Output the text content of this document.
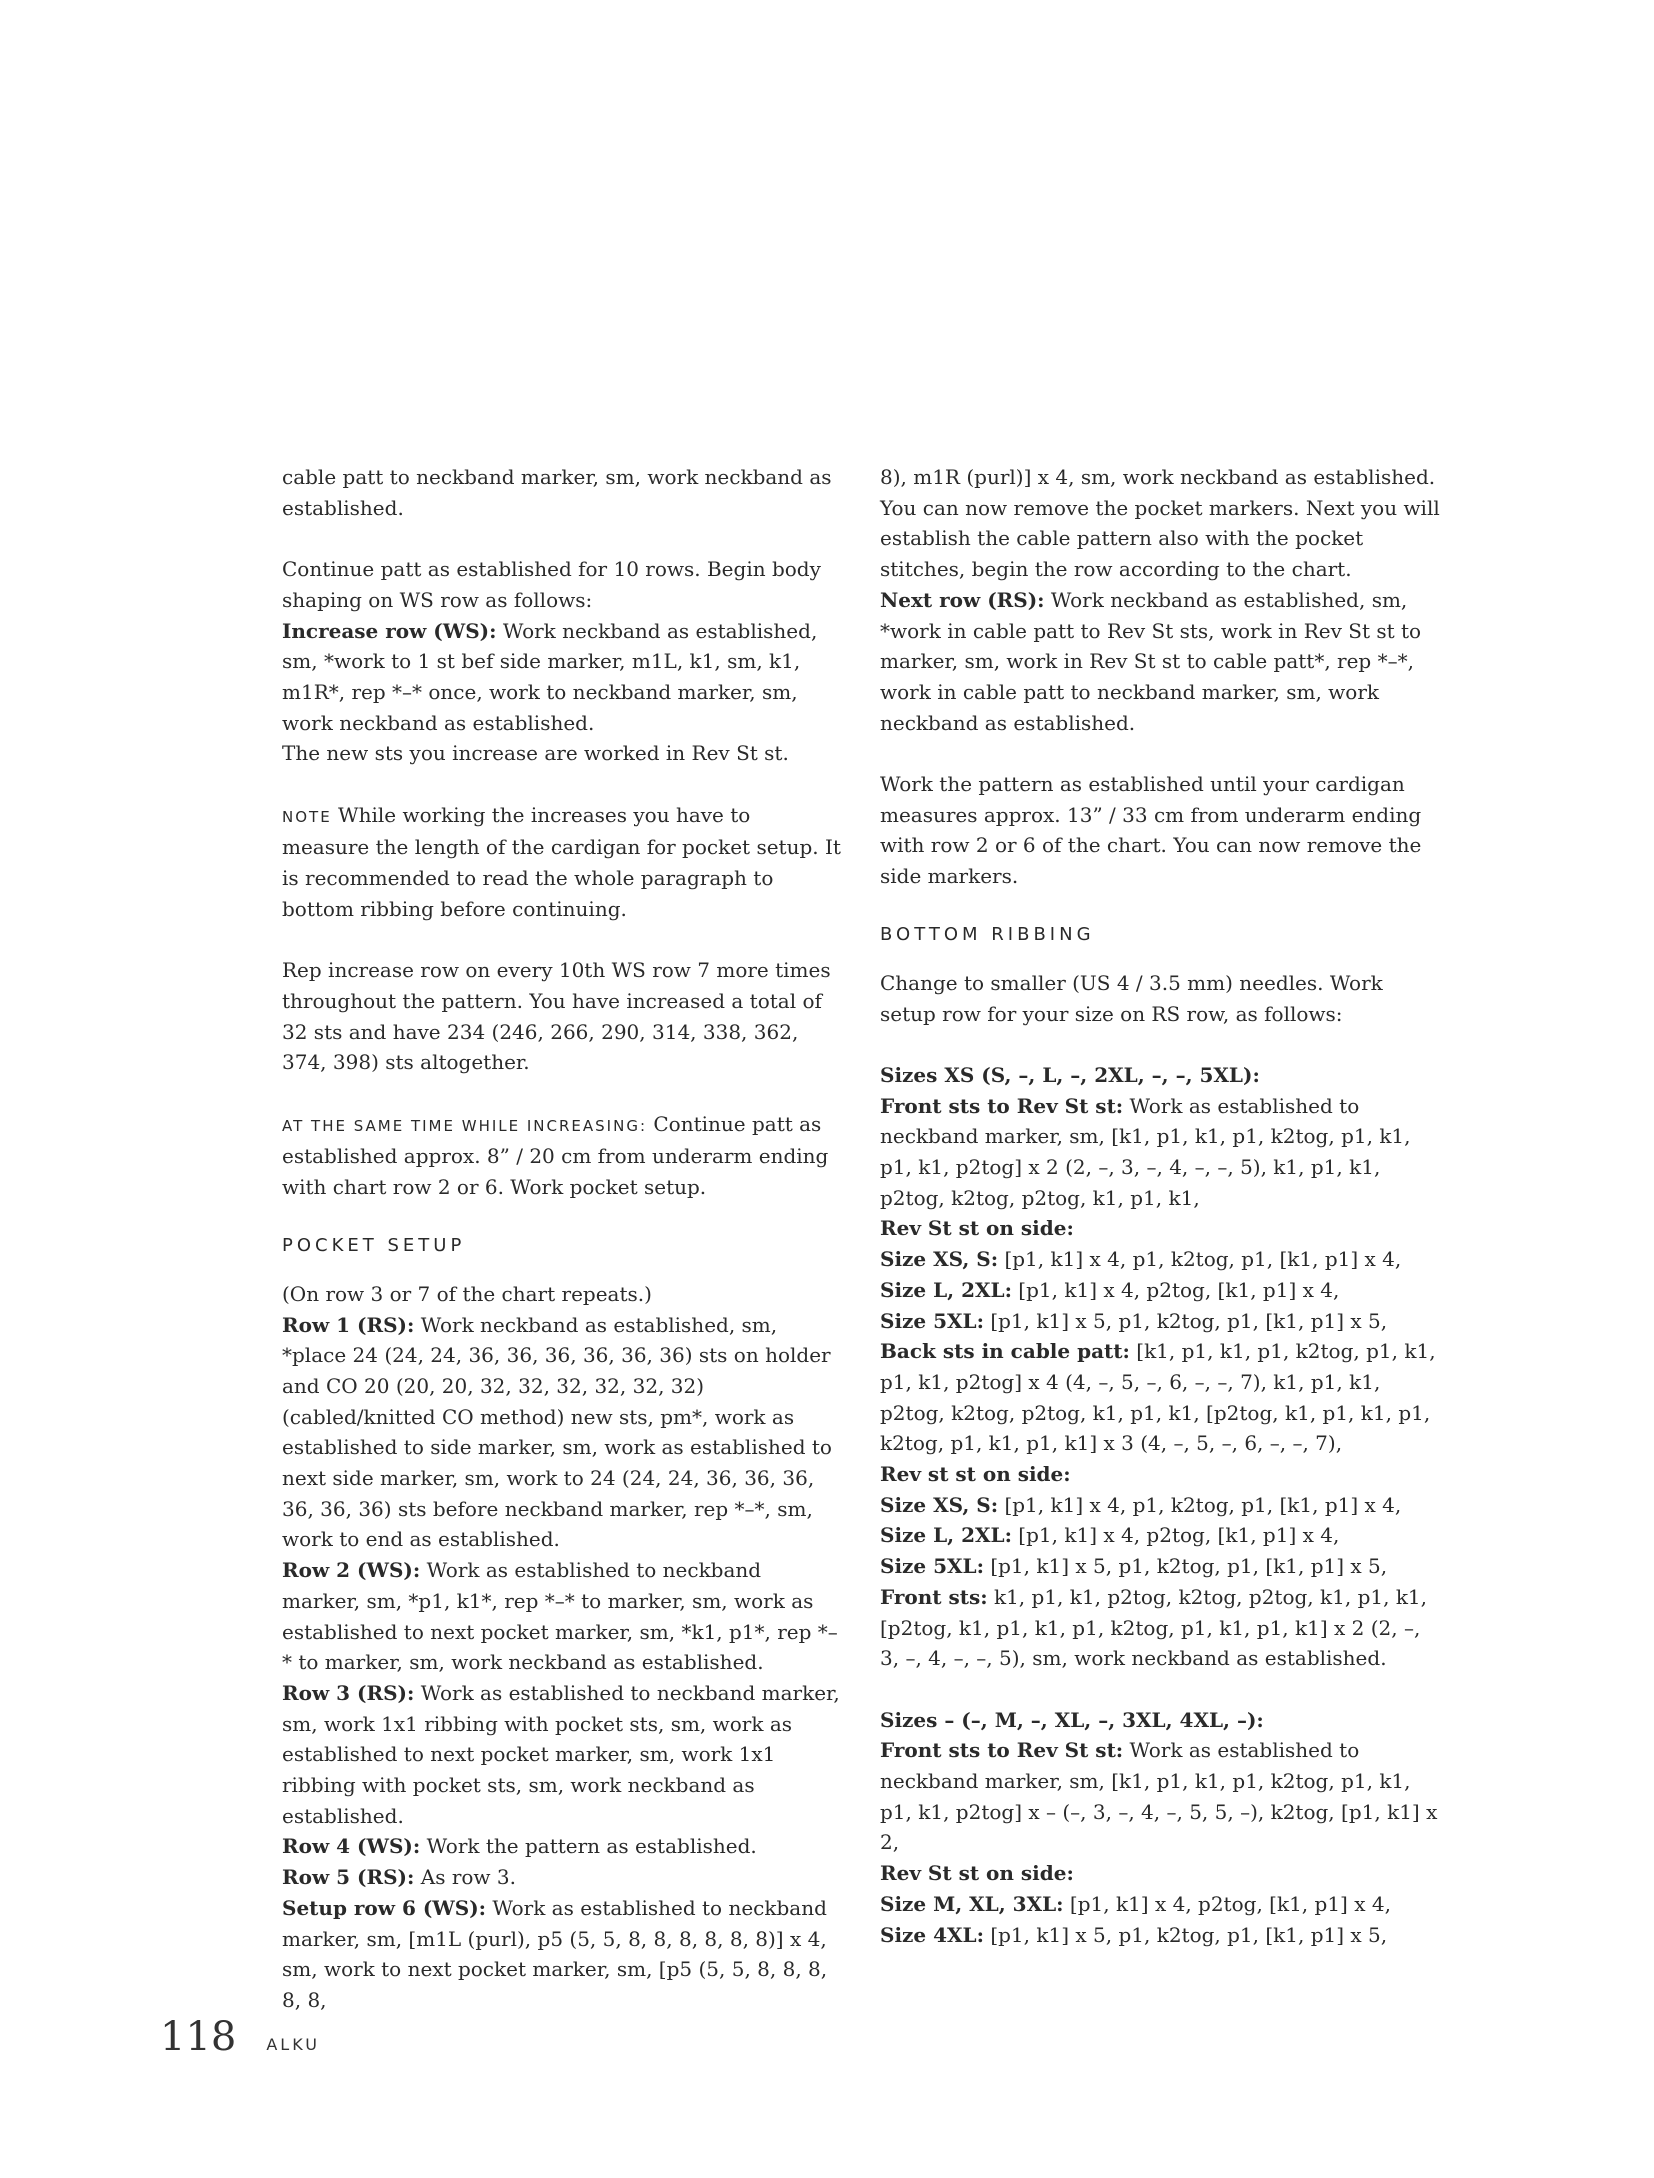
cable patt to neckband marker, sm, work neckband as established.

Continue patt as established for 10 rows. Begin body shaping on WS row as follows:

Increase row (WS): Work neckband as established, sm, *work to 1 st bef side marker, m1L, k1, sm, k1, m1R*, rep *–* once, work to neckband marker, sm, work neckband as established.

The new sts you increase are worked in Rev St st.

NOTE While working the increases you have to measure the length of the cardigan for pocket setup. It is recommended to read the whole paragraph to bottom ribbing before continuing.

Rep increase row on every 10th WS row 7 more times throughout the pattern. You have increased a total of 32 sts and have 234 (246, 266, 290, 314, 338, 362, 374, 398) sts altogether.

AT THE SAME TIME WHILE INCREASING: Continue patt as established approx. 8” / 20 cm from underarm ending with chart row 2 or 6. Work pocket setup.

POCKET SETUP

(On row 3 or 7 of the chart repeats.)

Row 1 (RS): Work neckband as established, sm, *place 24 (24, 24, 36, 36, 36, 36, 36, 36) sts on holder and CO 20 (20, 20, 32, 32, 32, 32, 32, 32) (cabled/knitted CO method) new sts, pm*, work as established to side marker, sm, work as established to next side marker, sm, work to 24 (24, 24, 36, 36, 36, 36, 36, 36) sts before neckband marker, rep *–*, sm, work to end as established.

Row 2 (WS): Work as established to neckband marker, sm, *p1, k1*, rep *–* to marker, sm, work as established to next pocket marker, sm, *k1, p1*, rep *–* to marker, sm, work neckband as established.

Row 3 (RS): Work as established to neckband marker, sm, work 1x1 ribbing with pocket sts, sm, work as established to next pocket marker, sm, work 1x1 ribbing with pocket sts, sm, work neckband as established.

Row 4 (WS): Work the pattern as established.

Row 5 (RS): As row 3.

Setup row 6 (WS): Work as established to neckband marker, sm, [m1L (purl), p5 (5, 5, 8, 8, 8, 8, 8, 8)] x 4, sm, work to next pocket marker, sm, [p5 (5, 5, 8, 8, 8, 8, 8,

8), m1R (purl)] x 4, sm, work neckband as established. You can now remove the pocket markers. Next you will establish the cable pattern also with the pocket stitches, begin the row according to the chart.

Next row (RS): Work neckband as established, sm, *work in cable patt to Rev St sts, work in Rev St st to marker, sm, work in Rev St st to cable patt*, rep *–*, work in cable patt to neckband marker, sm, work neckband as established.

Work the pattern as established until your cardigan measures approx. 13” / 33 cm from underarm ending with row 2 or 6 of the chart. You can now remove the side markers.

BOTTOM RIBBING

Change to smaller (US 4 / 3.5 mm) needles. Work setup row for your size on RS row, as follows:

Sizes XS (S, –, L, –, 2XL, –, –, 5XL):

Front sts to Rev St st: Work as established to neckband marker, sm, [k1, p1, k1, p1, k2tog, p1, k1, p1, k1, p2tog] x 2 (2, –, 3, –, 4, –, –, 5), k1, p1, k1, p2tog, k2tog, p2tog, k1, p1, k1,

Rev St st on side:

Size XS, S: [p1, k1] x 4, p1, k2tog, p1, [k1, p1] x 4,

Size L, 2XL: [p1, k1] x 4, p2tog, [k1, p1] x 4,

Size 5XL: [p1, k1] x 5, p1, k2tog, p1, [k1, p1] x 5,

Back sts in cable patt: [k1, p1, k1, p1, k2tog, p1, k1, p1, k1, p2tog] x 4 (4, –, 5, –, 6, –, –, 7), k1, p1, k1, p2tog, k2tog, p2tog, k1, p1, k1, [p2tog, k1, p1, k1, p1, k2tog, p1, k1, p1, k1] x 3 (4, –, 5, –, 6, –, –, 7),

Rev st st on side:

Size XS, S: [p1, k1] x 4, p1, k2tog, p1, [k1, p1] x 4,

Size L, 2XL: [p1, k1] x 4, p2tog, [k1, p1] x 4,

Size 5XL: [p1, k1] x 5, p1, k2tog, p1, [k1, p1] x 5,

Front sts: k1, p1, k1, p2tog, k2tog, p2tog, k1, p1, k1, [p2tog, k1, p1, k1, p1, k2tog, p1, k1, p1, k1] x 2 (2, –, 3, –, 4, –, –, 5), sm, work neckband as established.

Sizes – (–, M, –, XL, –, 3XL, 4XL, –):

Front sts to Rev St st: Work as established to neckband marker, sm, [k1, p1, k1, p1, k2tog, p1, k1, p1, k1, p2tog] x – (–, 3, –, 4, –, 5, 5, –), k2tog, [p1, k1] x 2,

Rev St st on side:

Size M, XL, 3XL: [p1, k1] x 4, p2tog, [k1, p1] x 4,

Size 4XL: [p1, k1] x 5, p1, k2tog, p1, [k1, p1] x 5,

118 ALKU
